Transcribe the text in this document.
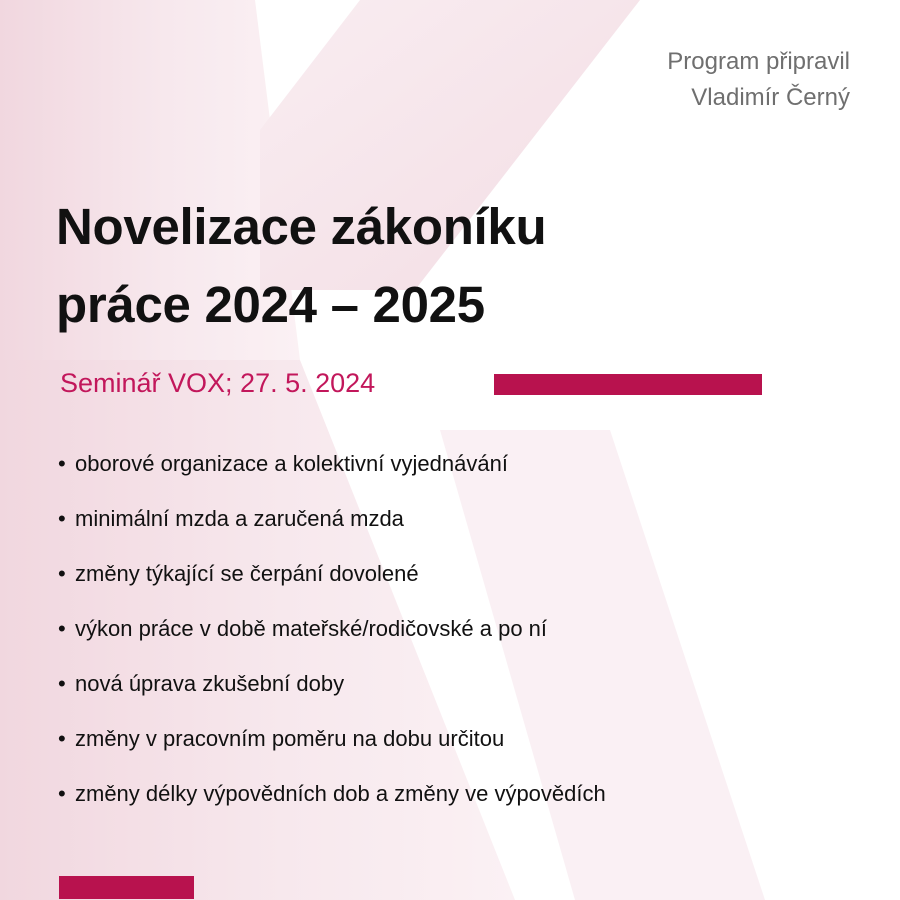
Program připravil
Vladimír Černý
Novelizace zákoníku
práce 2024 – 2025
Seminář VOX; 27. 5. 2024
• oborové organizace a kolektivní vyjednávání
• minimální mzda a zaručená mzda
• změny týkající se čerpání dovolené
• výkon práce v době mateřské/rodičovské a po ní
• nová úprava zkušební doby
• změny v pracovním poměru na dobu určitou
• změny délky výpovědních dob a změny ve výpovědích
